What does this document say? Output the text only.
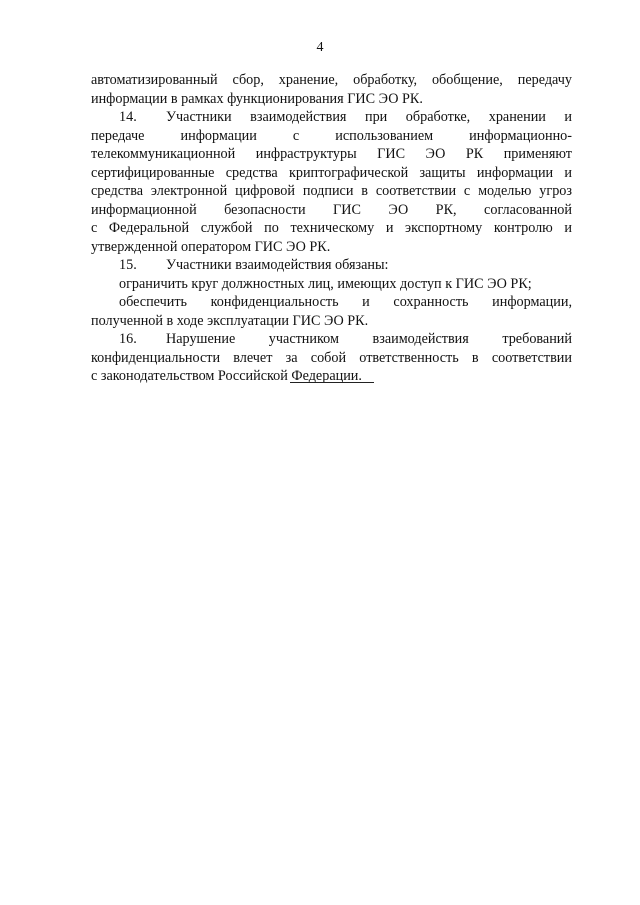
4
автоматизированный сбор, хранение, обработку, обобщение, передачу
информации в рамках функционирования ГИС ЭО РК.
14. Участники взаимодействия при обработке, хранении и
передаче информации с использованием информационно-
телекоммуникационной инфраструктуры ГИС ЭО РК применяют
сертифицированные средства криптографической защиты информации и
средства электронной цифровой подписи в соответствии с моделью угроз
информационной безопасности ГИС ЭО РК, согласованной
с Федеральной службой по техническому и экспортному контролю и
утвержденной оператором ГИС ЭО РК.
15. Участники взаимодействия обязаны:
ограничить круг должностных лиц, имеющих доступ к ГИС ЭО РК;
обеспечить конфиденциальность и сохранность информации,
полученной в ходе эксплуатации ГИС ЭО РК.
16. Нарушение участником взаимодействия требований
конфиденциальности влечет за собой ответственность в соответствии
с законодательством Российской Федерации.
